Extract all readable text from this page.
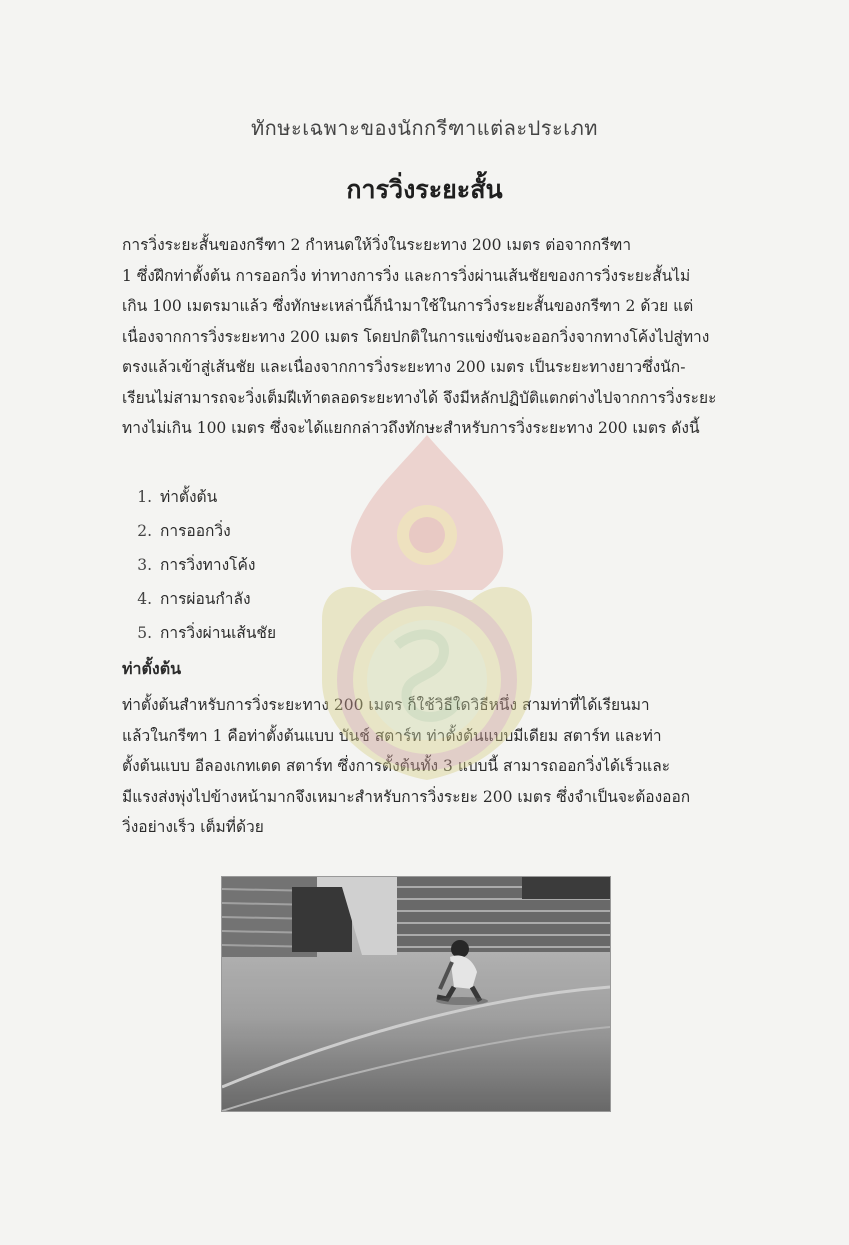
ทักษะเฉพาะของนักกรีฑาแต่ละประเภท
การวิ่งระยะสั้น
การวิ่งระยะสั้นของกรีฑา 2 กำหนดให้วิ่งในระยะทาง 200 เมตร ต่อจากกรีฑา
1 ซึ่งฝึกท่าตั้งต้น การออกวิ่ง ท่าทางการวิ่ง และการวิ่งผ่านเส้นชัยของการวิ่งระยะสั้นไม่
เกิน 100 เมตรมาแล้ว ซึ่งทักษะเหล่านี้ก็นำมาใช้ในการวิ่งระยะสั้นของกรีฑา 2 ด้วย แต่
เนื่องจากการวิ่งระยะทาง 200 เมตร โดยปกติในการแข่งขันจะออกวิ่งจากทางโค้งไปสู่ทาง
ตรงแล้วเข้าสู่เส้นชัย และเนื่องจากการวิ่งระยะทาง 200 เมตร เป็นระยะทางยาวซึ่งนัก-
เรียนไม่สามารถจะวิ่งเต็มฝีเท้าตลอดระยะทางได้ จึงมีหลักปฏิบัติแตกต่างไปจากการวิ่งระยะ
ทางไม่เกิน 100 เมตร ซึ่งจะได้แยกกล่าวถึงทักษะสำหรับการวิ่งระยะทาง 200 เมตร ดังนี้
1. ท่าตั้งต้น
2. การออกวิ่ง
3. การวิ่งทางโค้ง
4. การผ่อนกำลัง
5. การวิ่งผ่านเส้นชัย
ท่าตั้งต้น
ท่าตั้งต้นสำหรับการวิ่งระยะทาง 200 เมตร ก็ใช้วิธีใดวิธีหนึ่ง สามท่าที่ได้เรียนมา
แล้วในกรีฑา 1 คือท่าตั้งต้นแบบ บันช์ สตาร์ท ท่าตั้งต้นแบบมีเดียม สตาร์ท และท่า
ตั้งต้นแบบ อีลองเกทเตด สตาร์ท ซึ่งการตั้งต้นทั้ง 3 แบบนี้ สามารถออกวิ่งได้เร็วและ
มีแรงส่งพุ่งไปข้างหน้ามากจึงเหมาะสำหรับการวิ่งระยะ 200 เมตร ซึ่งจำเป็นจะต้องออก
วิ่งอย่างเร็ว เต็มที่ด้วย
